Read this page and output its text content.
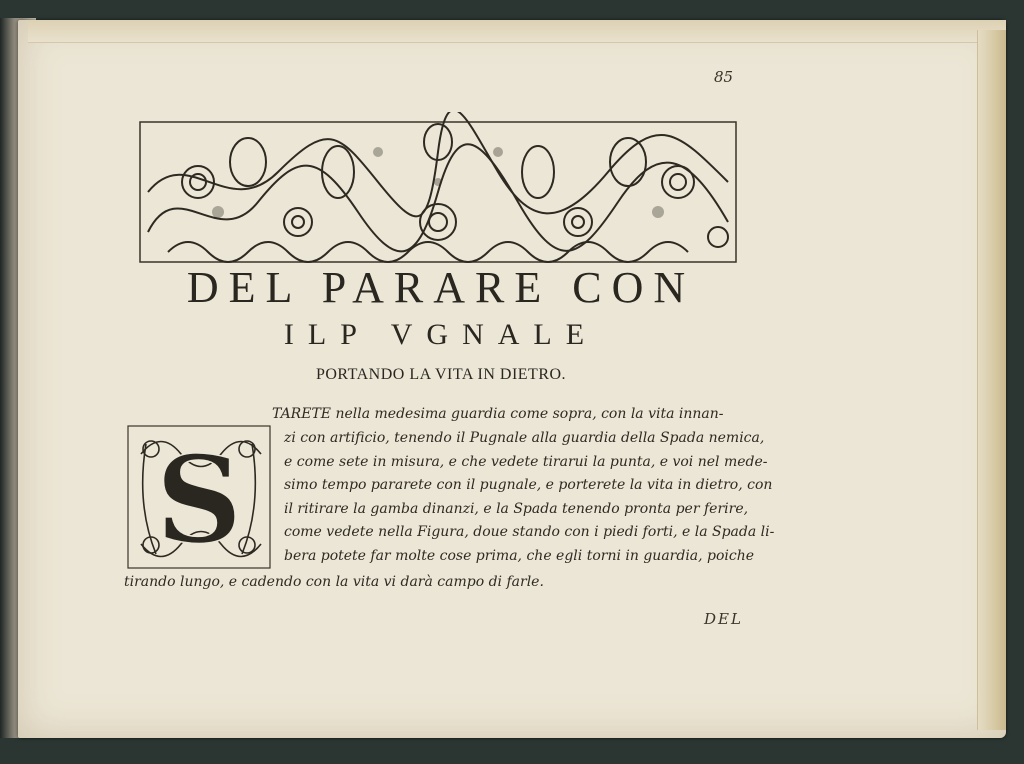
85
DEL PARARE CON
ILP VGNALE
PORTANDO LA VITA IN DIETRO.
S
TARETE nella medesima guardia come sopra, con la vita innan-
zi con artificio, tenendo il Pugnale alla guardia della Spada nemica,
e come sete in misura, e che vedete tirarui la punta, e voi nel mede-
simo tempo pararete con il pugnale, e porterete la vita in dietro, con
il ritirare la gamba dinanzi, e la Spada tenendo pronta per ferire,
come vedete nella Figura, doue stando con i piedi forti, e la Spada li-
bera potete far molte cose prima, che egli torni in guardia, poiche
tirando lungo, e cadendo con la vita vi darà campo di farle.
DEL
